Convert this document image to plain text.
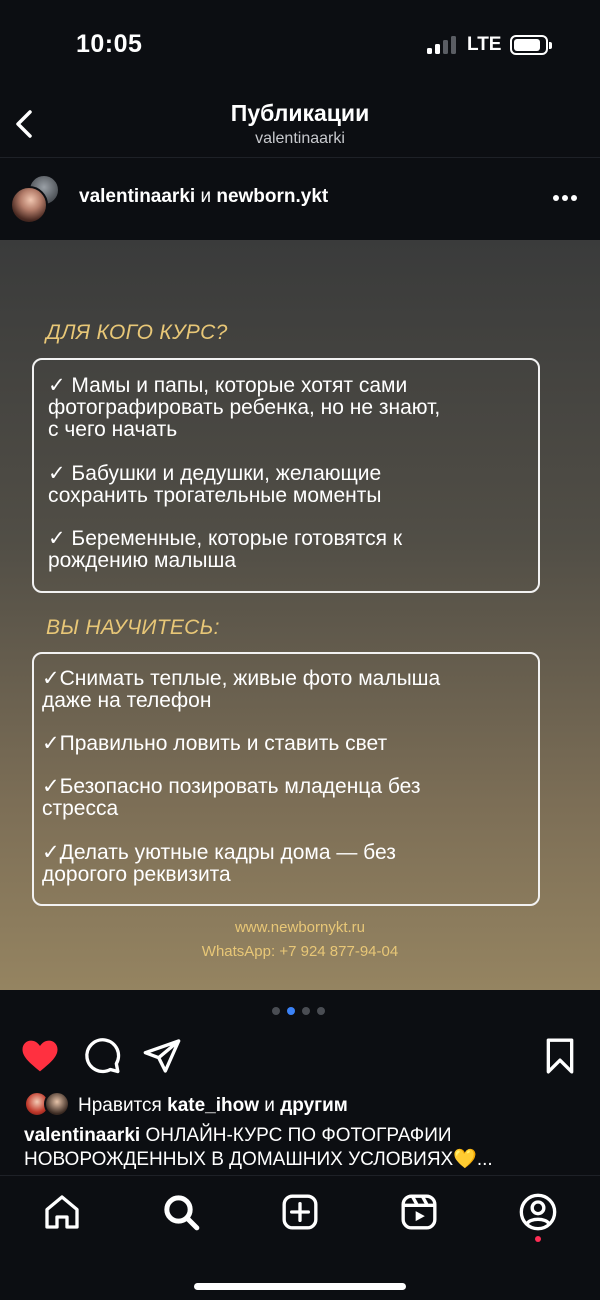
10:05	LTE
Публикации
valentinaarki
valentinaarki и newborn.ykt
ДЛЯ КОГО КУРС?
✓ Мамы и папы, которые хотят сами
фотографировать ребенка, но не знают,
с чего начать
✓ Бабушки и дедушки, желающие
сохранить трогательные моменты
✓ Беременные, которые готовятся к
рождению малыша
ВЫ НАУЧИТЕСЬ:
✓Снимать теплые, живые фото малыша
даже на телефон
✓Правильно ловить и ставить свет
✓Безопасно позировать младенца без
стресса
✓Делать уютные кадры дома — без
дорогого реквизита
www.newbornykt.ru
WhatsApp: +7 924 877-94-04
Нравится kate_ihow и другим
valentinaarki ОНЛАЙН-КУРС ПО ФОТОГРАФИИ
НОВОРОЖДЕННЫХ В ДОМАШНИХ УСЛОВИЯХ💛...
